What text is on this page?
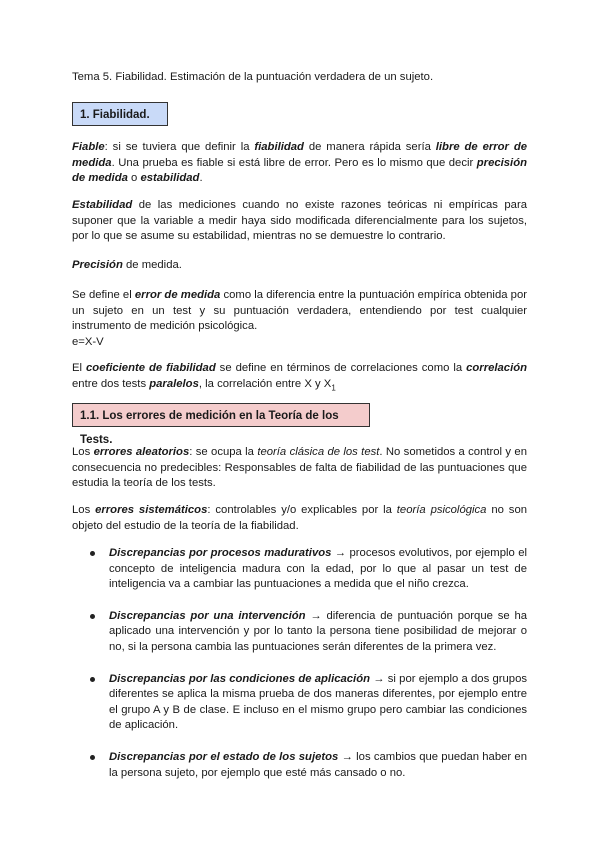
Tema 5. Fiabilidad. Estimación de la puntuación verdadera de un sujeto.

1. Fiabilidad.

Fiable: si se tuviera que definir la fiabilidad de manera rápida sería libre de error de medida. Una prueba es fiable si está libre de error. Pero es lo mismo que decir precisión de medida o estabilidad.

Estabilidad de las mediciones cuando no existe razones teóricas ni empíricas para suponer que la variable a medir haya sido modificada diferencialmente para los sujetos, por lo que se asume su estabilidad, mientras no se demuestre lo contrario.

Precisión de medida.

Se define el error de medida como la diferencia entre la puntuación empírica obtenida por un sujeto en un test y su puntuación verdadera, entendiendo por test cualquier instrumento de medición psicológica.
e=X-V

El coeficiente de fiabilidad se define en términos de correlaciones como la correlación entre dos tests paralelos, la correlación entre X y $X_1$

1.1. Los errores de medición en la Teoría de los Tests.

Los errores aleatorios: se ocupa la teoría clásica de los test. No sometidos a control y en consecuencia no predecibles: Responsables de falta de fiabilidad de las puntuaciones que estudia la teoría de los tests.

Los errores sistemáticos: controlables y/o explicables por la teoría psicológica no son objeto del estudio de la teoría de la fiabilidad.

Discrepancias por procesos madurativos → procesos evolutivos, por ejemplo el concepto de inteligencia madura con la edad, por lo que al pasar un test de inteligencia va a cambiar las puntuaciones a medida que el niño crezca.
Discrepancias por una intervención → diferencia de puntuación porque se ha aplicado una intervención y por lo tanto la persona tiene posibilidad de mejorar o no, si la persona cambia las puntuaciones serán diferentes de la primera vez.
Discrepancias por las condiciones de aplicación → si por ejemplo a dos grupos diferentes se aplica la misma prueba de dos maneras diferentes, por ejemplo entre el grupo A y B de clase. E incluso en el mismo grupo pero cambiar las condiciones de aplicación.
Discrepancias por el estado de los sujetos → los cambios que puedan haber en la persona sujeto, por ejemplo que esté más cansado o no.
